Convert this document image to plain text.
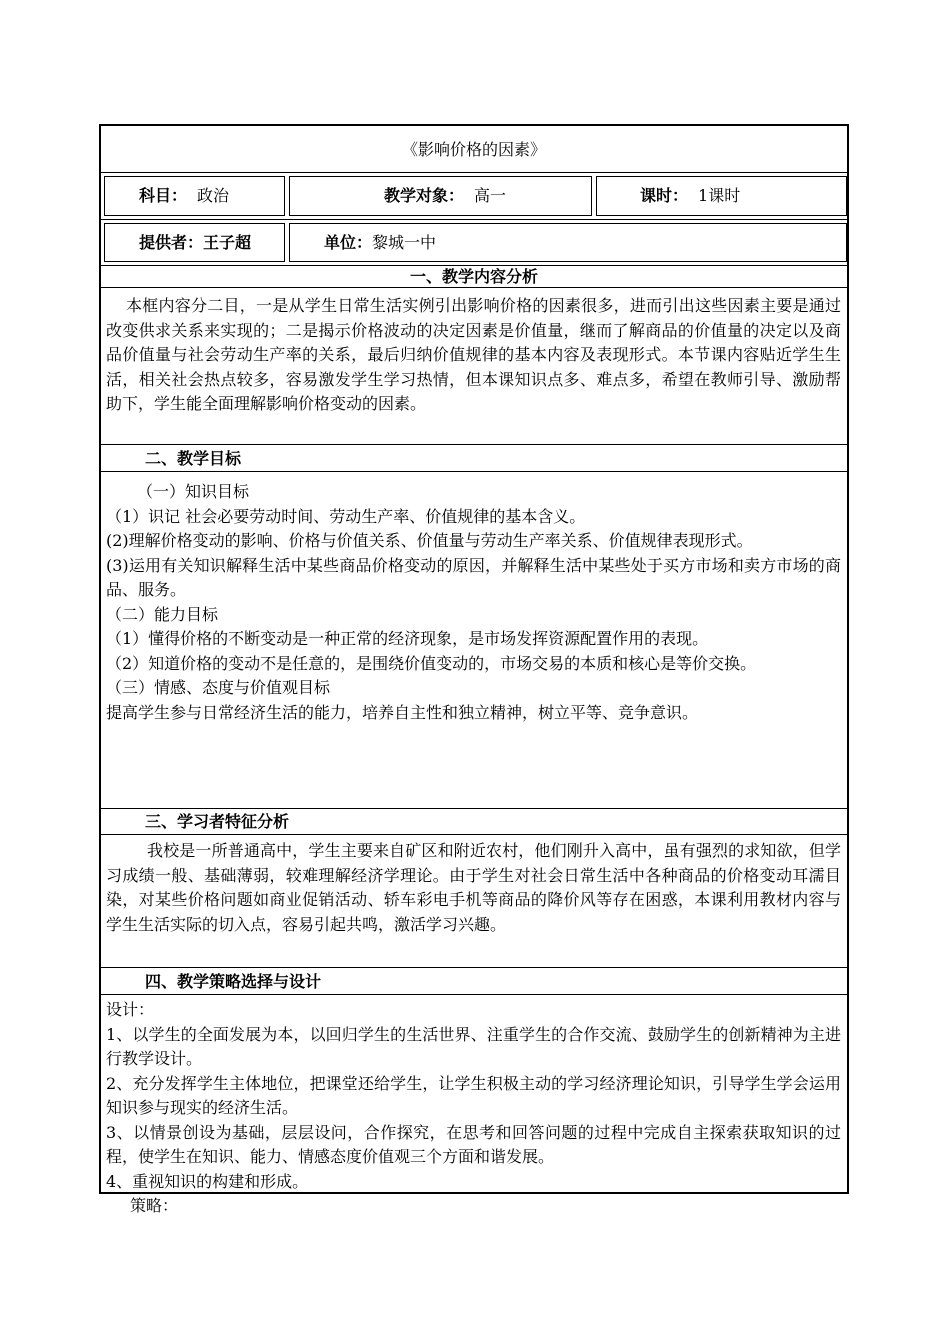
《影响价格的因素》
科目： 政治	教学对象： 高一	课时： 1课时
提供者：王子超	单位：黎城一中
一、教学内容分析
本框内容分二目，一是从学生日常生活实例引出影响价格的因素很多，进而引出这些因素主要是通过改变供求关系来实现的；二是揭示价格波动的决定因素是价值量，继而了解商品的价值量的决定以及商品价值量与社会劳动生产率的关系，最后归纳价值规律的基本内容及表现形式。本节课内容贴近学生生活，相关社会热点较多，容易激发学生学习热情，但本课知识点多、难点多，希望在教师引导、激励帮助下，学生能全面理解影响价格变动的因素。
二、教学目标
（一）知识目标
（1）识记 社会必要劳动时间、劳动生产率、价值规律的基本含义。
(2)理解价格变动的影响、价格与价值关系、价值量与劳动生产率关系、价值规律表现形式。
(3)运用有关知识解释生活中某些商品价格变动的原因，并解释生活中某些处于买方市场和卖方市场的商品、服务。
（二）能力目标
（1）懂得价格的不断变动是一种正常的经济现象，是市场发挥资源配置作用的表现。
（2）知道价格的变动不是任意的，是围绕价值变动的，市场交易的本质和核心是等价交换。
（三）情感、态度与价值观目标
提高学生参与日常经济生活的能力，培养自主性和独立精神，树立平等、竞争意识。
三、学习者特征分析
我校是一所普通高中，学生主要来自矿区和附近农村，他们刚升入高中，虽有强烈的求知欲，但学习成绩一般、基础薄弱，较难理解经济学理论。由于学生对社会日常生活中各种商品的价格变动耳濡目染，对某些价格问题如商业促销活动、轿车彩电手机等商品的降价风等存在困惑，本课利用教材内容与学生生活实际的切入点，容易引起共鸣，激活学习兴趣。
四、教学策略选择与设计
设计：
1、以学生的全面发展为本，以回归学生的生活世界、注重学生的合作交流、鼓励学生的创新精神为主进行教学设计。
2、充分发挥学生主体地位，把课堂还给学生，让学生积极主动的学习经济理论知识，引导学生学会运用知识参与现实的经济生活。
3、以情景创设为基础，层层设问，合作探究，在思考和回答问题的过程中完成自主探索获取知识的过程，使学生在知识、能力、情感态度价值观三个方面和谐发展。
4、重视知识的构建和形成。
策略：
